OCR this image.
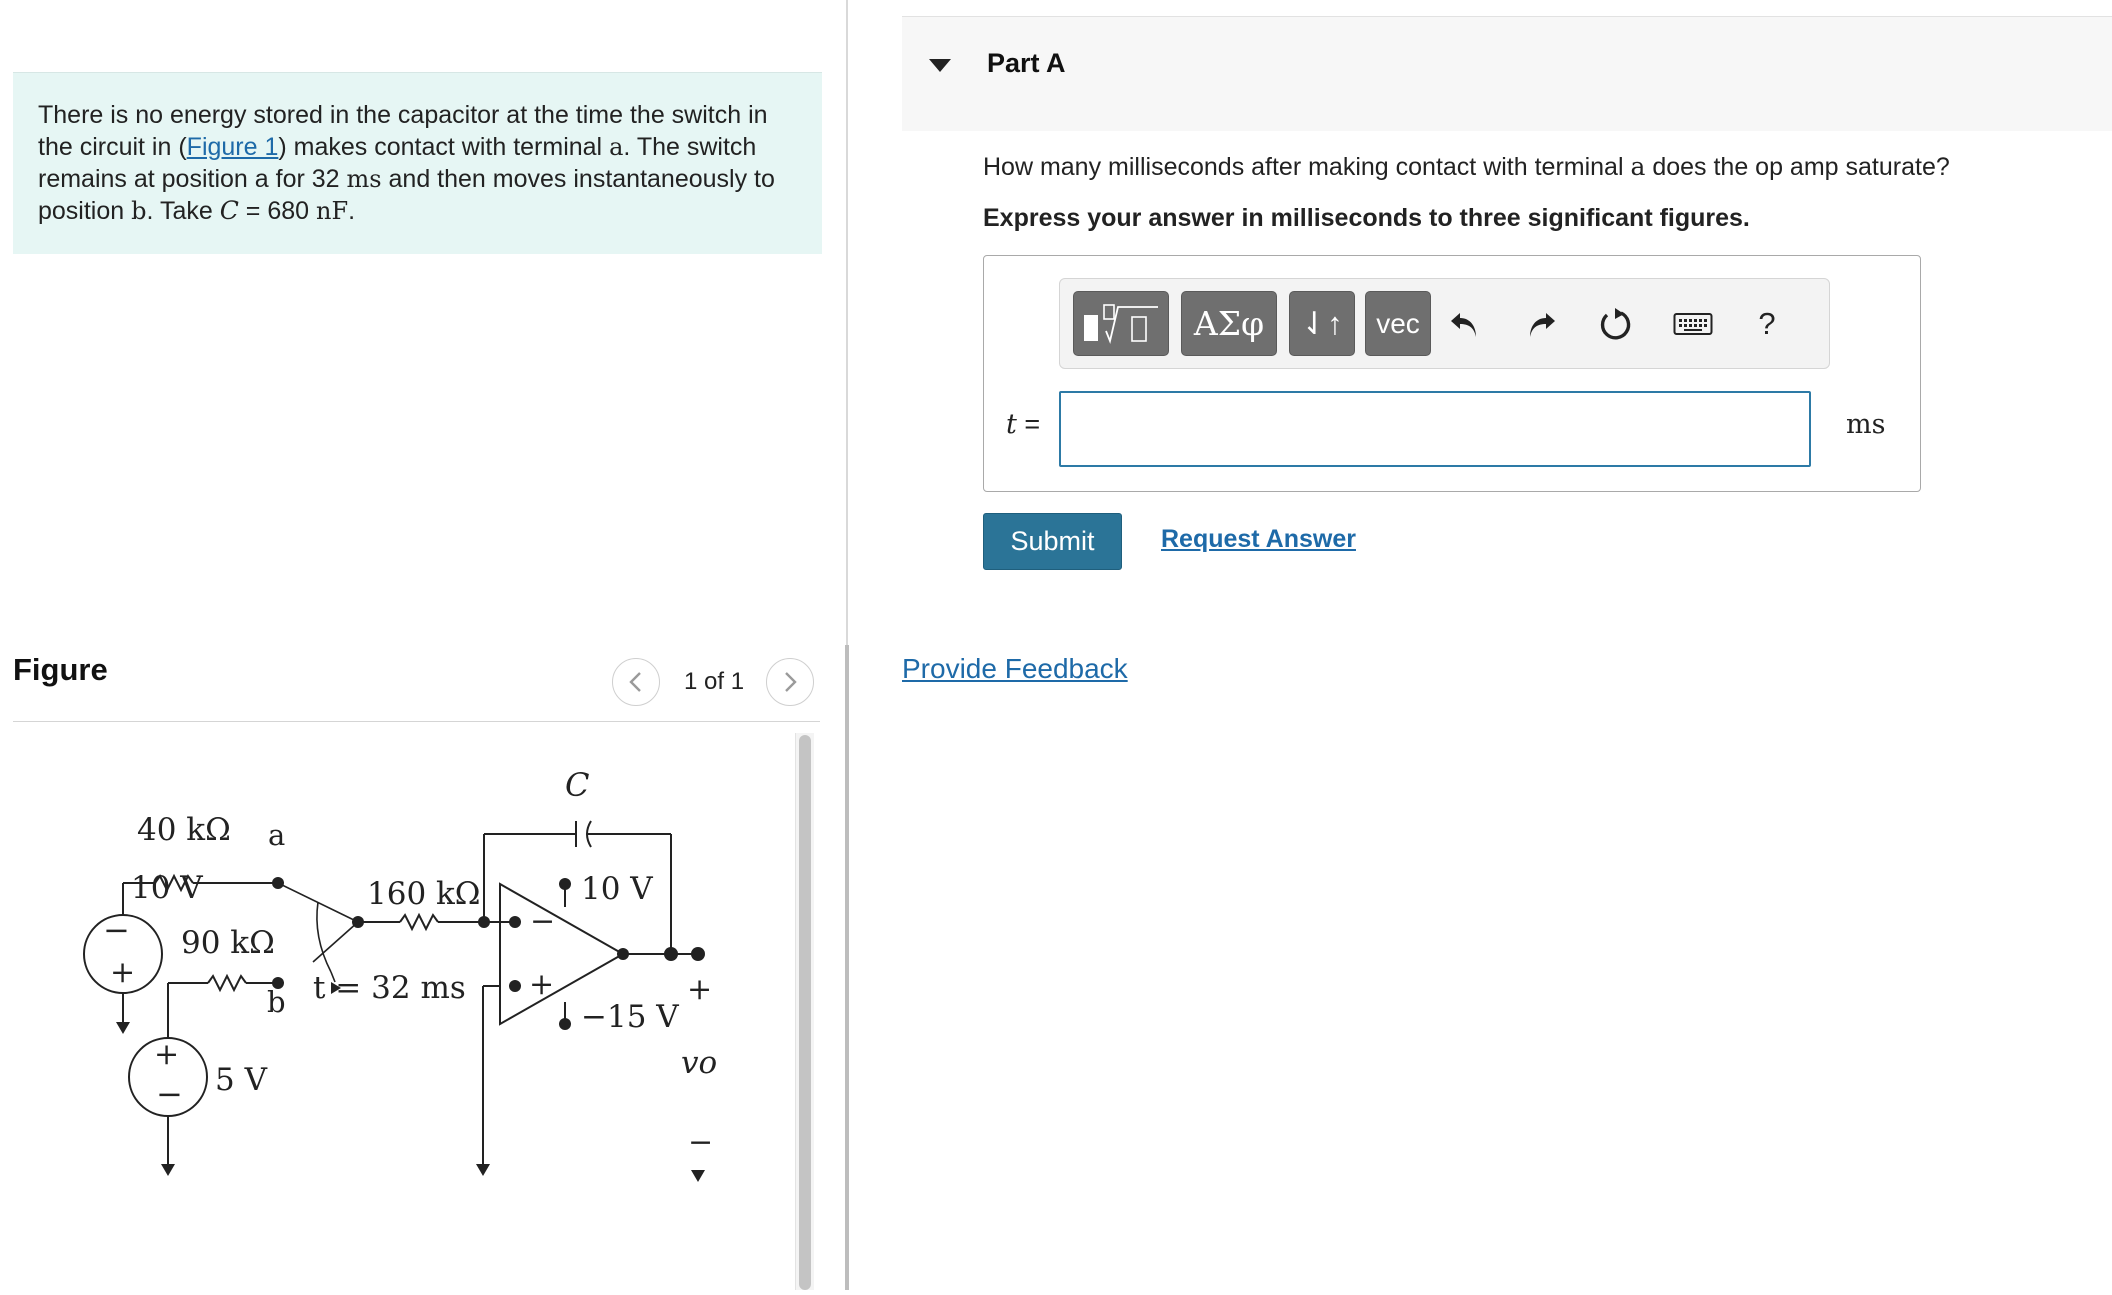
There is no energy stored in the capacitor at the time the switch in the circuit in (Figure 1) makes contact with terminal a. The switch remains at position a for 32 ms and then moves instantaneously to position b. Take C = 680 nF.
Figure	1 of 1
40 kΩ a
10 V
−
+
90 kΩ
b
+
− 5 V
t = 32 ms
160 kΩ
C
10 V
−15 V
−
+	+
vo
−
Part A
How many milliseconds after making contact with terminal a does the op amp saturate?
Express your answer in milliseconds to three significant figures.
ΑΣφ	⇃↑	vec	?
t =	ms
Submit	Request Answer
Provide Feedback
